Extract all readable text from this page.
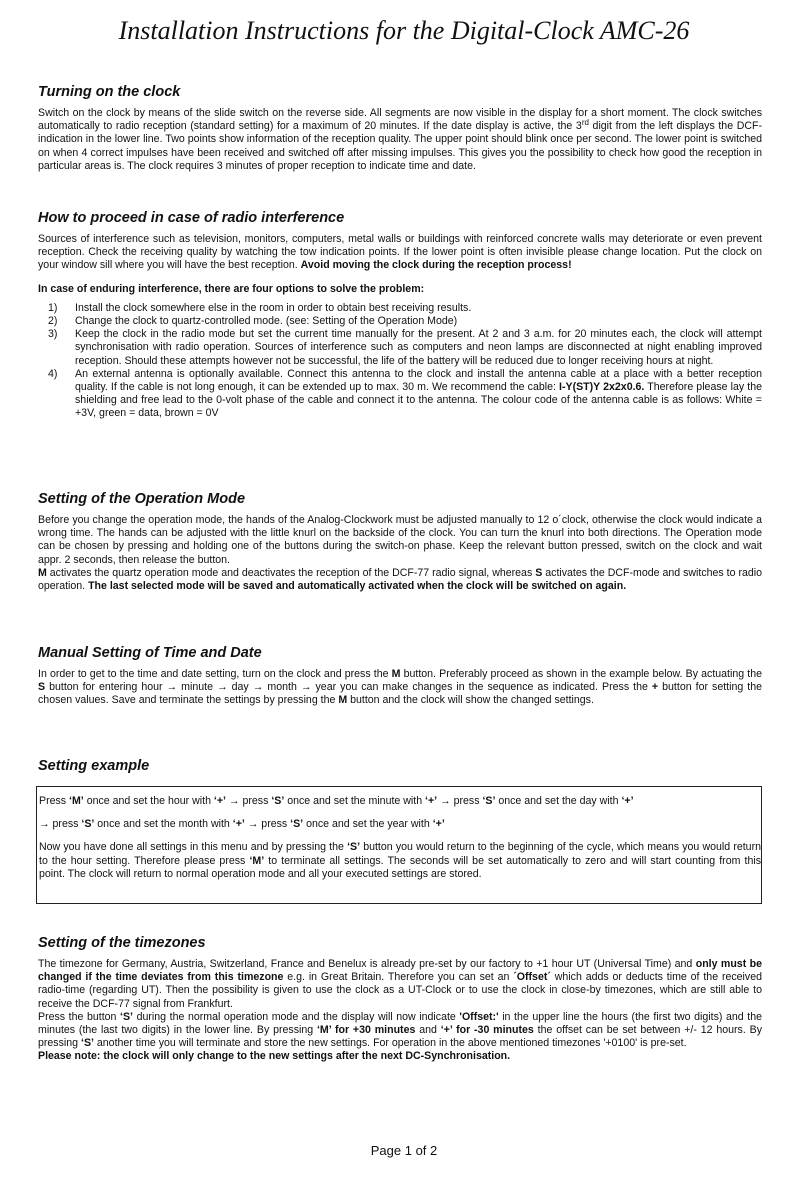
Installation Instructions for the Digital-Clock AMC-26
Turning on the clock

Switch on the clock by means of the slide switch on the reverse side. All segments are now visible in the display for a short moment. The clock switches automatically to radio reception (standard setting) for a maximum of 20 minutes. If the date display is active, the 3rd digit from the left displays the DCF-indication in the lower line. Two points show information of the reception quality. The upper point should blink once per second. The lower point is switched on when 4 correct impulses have been received and switched off after missing impulses. This gives you the possibility to check how good the reception in particular areas is. The clock requires 3 minutes of proper reception to indicate time and date.

How to proceed in case of radio interference

Sources of interference such as television, monitors, computers, metal walls or buildings with reinforced concrete walls may deteriorate or even prevent reception. Check the receiving quality by watching the tow indication points. If the lower point is often invisible please change location. Put the clock on your window sill where you will have the best reception. Avoid moving the clock during the reception process!

In case of enduring interference, there are four options to solve the problem:

1) Install the clock somewhere else in the room in order to obtain best receiving results.
2) Change the clock to quartz-controlled mode. (see: Setting of the Operation Mode)
3) Keep the clock in the radio mode but set the current time manually for the present. At 2 and 3 a.m. for 20 minutes each, the clock will attempt synchronisation with radio operation. Sources of interference such as computers and neon lamps are disconnected at night enabling improved reception. Should these attempts however not be successful, the life of the battery will be reduced due to longer receiving hours at night.
4) An external antenna is optionally available. Connect this antenna to the clock and install the antenna cable at a place with a better reception quality. If the cable is not long enough, it can be extended up to max. 30 m. We recommend the cable: I-Y(ST)Y 2x2x0.6. Therefore please lay the shielding and free lead to the 0-volt phase of the cable and connect it to the antenna. The colour code of the antenna cable is as follows: White = +3V, green = data, brown = 0V
Setting of the Operation Mode

Before you change the operation mode, the hands of the Analog-Clockwork must be adjusted manually to 12 o´clock, otherwise the clock would indicate a wrong time. The hands can be adjusted with the little knurl on the backside of the clock. You can turn the knurl into both directions. The Operation mode can be chosen by pressing and holding one of the buttons during the switch-on phase. Keep the relevant button pressed, switch on the clock and wait appr. 2 seconds, then release the button.

M activates the quartz operation mode and deactivates the reception of the DCF-77 radio signal, whereas S activates the DCF-mode and switches to radio operation. The last selected mode will be saved and automatically activated when the clock will be switched on again.

Manual Setting of Time and Date

In order to get to the time and date setting, turn on the clock and press the M button. Preferably proceed as shown in the example below. By actuating the S button for entering hour → minute → day → month → year you can make changes in the sequence as indicated. Press the + button for setting the chosen values. Save and terminate the settings by pressing the M button and the clock will show the changed settings.

Setting example
Press ‘M’ once and set the hour with ‘+’ → press ‘S’ once and set the minute with ‘+’ → press ‘S’ once and set the day with ‘+’
→ press ‘S’ once and set the month with ‘+’ → press ‘S’ once and set the year with ‘+’
Now you have done all settings in this menu and by pressing the ‘S’ button you would return to the beginning of the cycle, which means you would return to the hour setting. Therefore please press ‘M’ to terminate all settings. The seconds will be set automatically to zero and will start counting from this point. The clock will return to normal operation mode and all your executed settings are stored.
Setting of the timezones

The timezone for Germany, Austria, Switzerland, France and Benelux is already pre-set by our factory to +1 hour UT (Universal Time) and only must be changed if the time deviates from this timezone e.g. in Great Britain. Therefore you can set an ´Offset´ which adds or deducts time of the received radio-time (regarding UT). Then the possibility is given to use the clock as a UT-Clock or to use the clock in close-by timezones, which are still able to receive the DCF-77 signal from Frankfurt.

Press the button ‘S’ during the normal operation mode and the display will now indicate 'Offset:' in the upper line the hours (the first two digits) and the minutes (the last two digits) in the lower line. By pressing ‘M’ for +30 minutes and ‘+’ for -30 minutes the offset can be set between +/- 12 hours. By pressing ‘S’ another time you will terminate and store the new settings. For operation in the above mentioned timezones '+0100' is pre-set.

Please note: the clock will only change to the new settings after the next DC-Synchronisation.

Page 1 of 2
